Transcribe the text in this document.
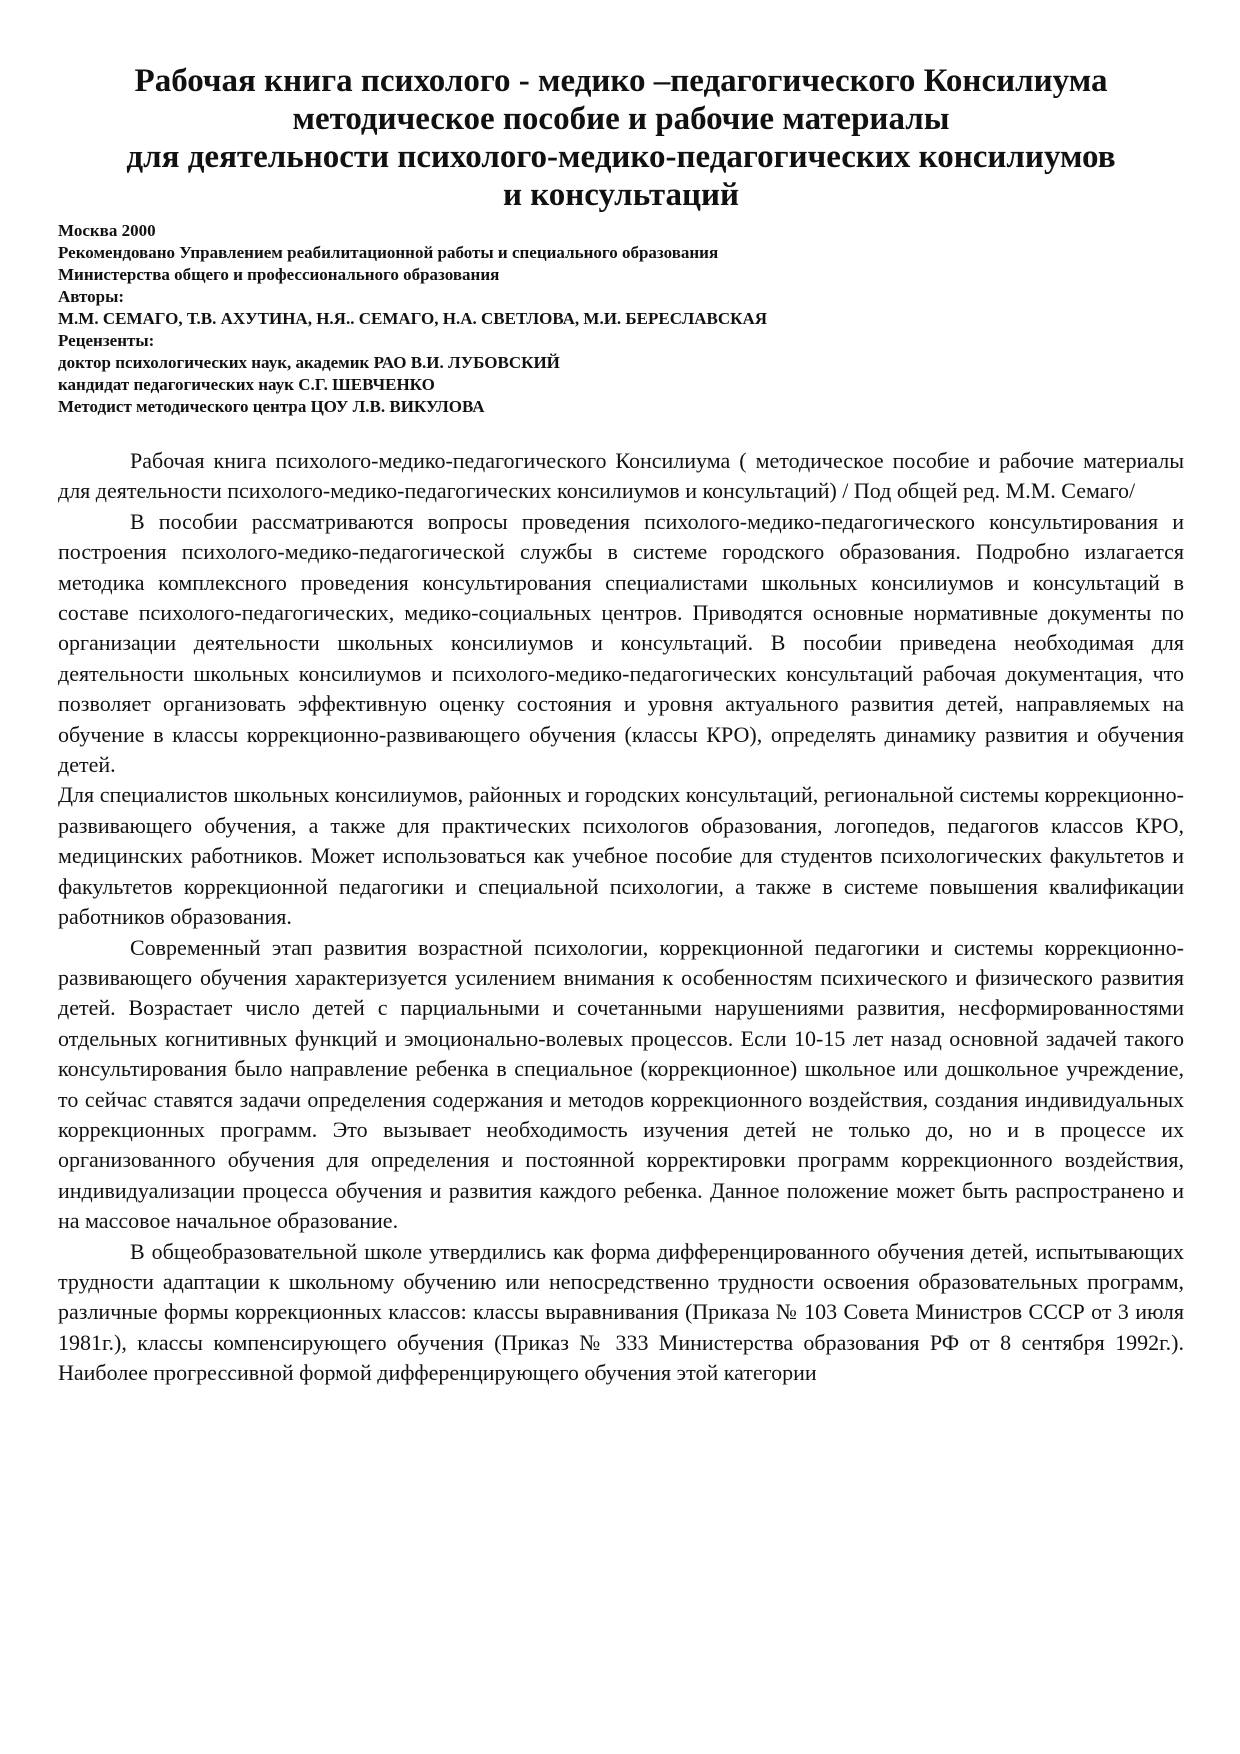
Рабочая книга психолого - медико –педагогического Консилиума
методическое пособие и рабочие материалы
для деятельности психолого-медико-педагогических консилиумов
и консультаций
Москва 2000
Рекомендовано Управлением реабилитационной работы и специального образования
Министерства общего и профессионального образования
Авторы:
М.М. СЕМАГО, Т.В. АХУТИНА, Н.Я.. СЕМАГО, Н.А. СВЕТЛОВА, М.И. БЕРЕСЛАВСКАЯ
Рецензенты:
доктор психологических наук, академик РАО В.И. ЛУБОВСКИЙ
кандидат педагогических наук С.Г. ШЕВЧЕНКО
Методист методического центра ЦОУ Л.В. ВИКУЛОВА

Рабочая книга психолого-медико-педагогического Консилиума ( методическое пособие и рабочие материалы для деятельности психолого-медико-педагогических консилиумов и консультаций) / Под общей ред. М.М. Семаго/

В пособии рассматриваются вопросы проведения психолого-медико-педагогического консультирования и построения психолого-медико-педагогической службы в системе городского образования. Подробно излагается методика комплексного проведения консультирования специалистами школьных консилиумов и консультаций в составе психолого-педагогических, медико-социальных центров. Приводятся основные нормативные документы по организации деятельности школьных консилиумов и консультаций. В пособии приведена необходимая для деятельности школьных консилиумов и психолого-медико-педагогических консультаций рабочая документация, что позволяет организовать эффективную оценку состояния и уровня актуального развития детей, направляемых на обучение в классы коррекционно-развивающего обучения (классы КРО), определять динамику развития и обучения детей.

Для специалистов школьных консилиумов, районных и городских консультаций, региональной системы коррекционно-развивающего обучения, а также для практических психологов образования, логопедов, педагогов классов КРО, медицинских работников. Может использоваться как учебное пособие для студентов психологических факультетов и факультетов коррекционной педагогики и специальной психологии, а также в системе повышения квалификации работников образования.

Современный этап развития возрастной психологии, коррекционной педагогики и системы коррекционно-развивающего обучения характеризуется усилением внимания к особенностям психического и физического развития детей. Возрастает число детей с парциальными и сочетанными нарушениями развития, несформированностями отдельных когнитивных функций и эмоционально-волевых процессов. Если 10-15 лет назад основной задачей такого консультирования было направление ребенка в специальное (коррекционное) школьное или дошкольное учреждение, то сейчас ставятся задачи определения содержания и методов коррекционного воздействия, создания индивидуальных коррекционных программ. Это вызывает необходимость изучения детей не только до, но и в процессе их организованного обучения для определения и постоянной корректировки программ коррекционного воздействия, индивидуализации процесса обучения и развития каждого ребенка. Данное положение может быть распространено и на массовое начальное образование.

В общеобразовательной школе утвердились как форма дифференцированного обучения детей, испытывающих трудности адаптации к школьному обучению или непосредственно трудности освоения образовательных программ, различные формы коррекционных классов: классы выравнивания (Приказа № 103 Совета Министров СССР от 3 июля 1981г.), классы компенсирующего обучения (Приказ № 333 Министерства образования РФ от 8 сентября 1992г.). Наиболее прогрессивной формой дифференцирующего обучения этой категории
